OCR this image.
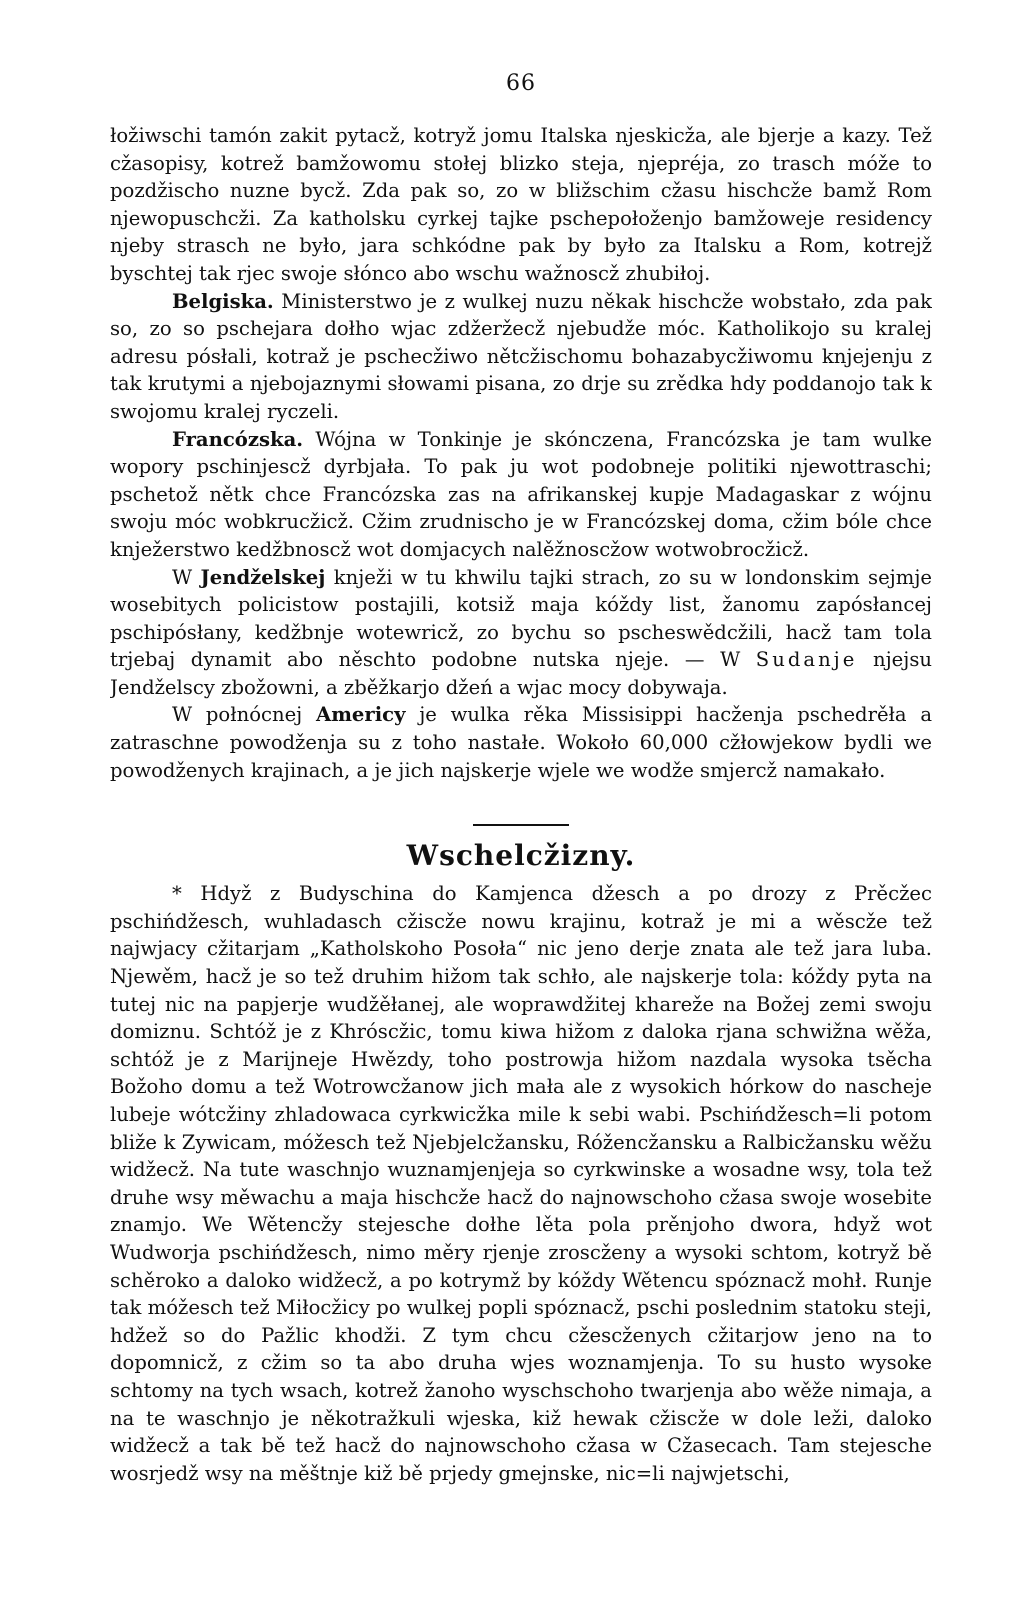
66

łožiwschi tamón zakit pytacž, kotryž jomu Italska njeskicža, ale bjerje a kazy. Tež cžasopisy, kotrež bamžowomu stołej blizko steja, njepréja, zo trasch móže to pozdžischo nuzne bycž. Zda pak so, zo w bližschim cžasu hischcže bamž Rom njewopuschcži. Za katholsku cyrkej tajke pschepołoženjo bamžoweje residency njeby strasch ne było, jara schkódne pak by było za Italsku a Rom, kotrejž byschtej tak rjec swoje słónco abo wschu wažnoscž zhubiłoj.

Belgiska. Ministerstwo je z wulkej nuzu někak hischcže wobstało, zda pak so, zo so pschejara dołho wjac zdžeržecž njebudže móc. Katholikojo su kralej adresu pósłali, kotraž je pschecžiwo nětcžischomu bohazabycžiwomu knjejenju z tak krutymi a njebojaznymi słowami pisana, zo drje su zrědka hdy poddanojo tak k swojomu kralej ryczeli.

Francózska. Wójna w Tonkinje je skónczena, Francózska je tam wulke wopory pschinjescž dyrbjała. To pak ju wot podobneje politiki njewottraschi; pschetož nětk chce Francózska zas na afrikanskej kupje Madagaskar z wójnu swoju móc wobkrucžicž. Cžim zrudnischo je w Francózskej doma, cžim bóle chce knježerstwo kedžbnoscž wot domjacych nalěžnoscžow wotwobrocžicž.

W Jendželskej knježi w tu khwilu tajki strach, zo su w londonskim sejmje wosebitych policistow postajili, kotsiž maja kóždy list, žanomu zapósłancej pschipósłany, kedžbnje wotewricž, zo bychu so pscheswědcžili, hacž tam tola trjebaj dynamit abo něschto podobne nutska njeje. — W Sudanje njejsu Jendželscy zbožowni, a zběžkarjo džeń a wjac mocy dobywaja.

W połnócnej Americy je wulka rěka Missisippi hacženja pschedrěła a zatraschne powodženja su z toho nastałe. Wokoło 60,000 cžłowjekow bydli we powodženych krajinach, a je jich najskerje wjele we wodže smjercž namakało.

Wschelcžizny.

* Hdyž z Budyschina do Kamjenca džesch a po drozy z Prěcžec pschińdžesch, wuhladasch cžiscže nowu krajinu, kotraž je mi a wěscže tež najwjacy cžitarjam „Katholskoho Posoła“ nic jeno derje znata ale tež jara luba. Njewěm, hacž je so tež druhim hižom tak schło, ale najskerje tola: kóždy pyta na tutej nic na papjerje wudžěłanej, ale woprawdžitej khareže na Božej zemi swoju domiznu. Schtóž je z Khróscžic, tomu kiwa hižom z daloka rjana schwižna wěža, schtóž je z Marijneje Hwězdy, toho postrowja hižom nazdala wysoka tsěcha Božoho domu a tež Wotrowcžanow jich mała ale z wysokich hórkow do nascheje lubeje wótcžiny zhladowaca cyrkwicžka mile k sebi wabi. Pschińdžesch=li potom bliže k Zywicam, móžesch tež Njebjelcžansku, Róžencžansku a Ralbicžansku wěžu widžecž. Na tute waschnjo wuznamjenjeja so cyrkwinske a wosadne wsy, tola tež druhe wsy měwachu a maja hischcže hacž do najnowschoho cžasa swoje wosebite znamjo. We Wětencžy stejesche dołhe lěta pola prěnjoho dwora, hdyž wot Wudworja pschińdžesch, nimo měry rjenje zroscženy a wysoki schtom, kotryž bě schěroko a daloko widžecž, a po kotrymž by kóždy Wětencu spóznacž mohł. Runje tak móžesch tež Miłocžicy po wulkej popli spóznacž, pschi poslednim statoku steji, hdžež so do Pažlic khodži. Z tym chcu cžescženych cžitarjow jeno na to dopomnicž, z cžim so ta abo druha wjes woznamjenja. To su husto wysoke schtomy na tych wsach, kotrež žanoho wyschschoho twarjenja abo wěže nimaja, a na te waschnjo je někotražkuli wjeska, kiž hewak cžiscže w dole leži, daloko widžecž a tak bě tež hacž do najnowschoho cžasa w Cžasecach. Tam stejesche wosrjedž wsy na měštnje kiž bě prjedy gmejnske, nic=li najwjetschi,
